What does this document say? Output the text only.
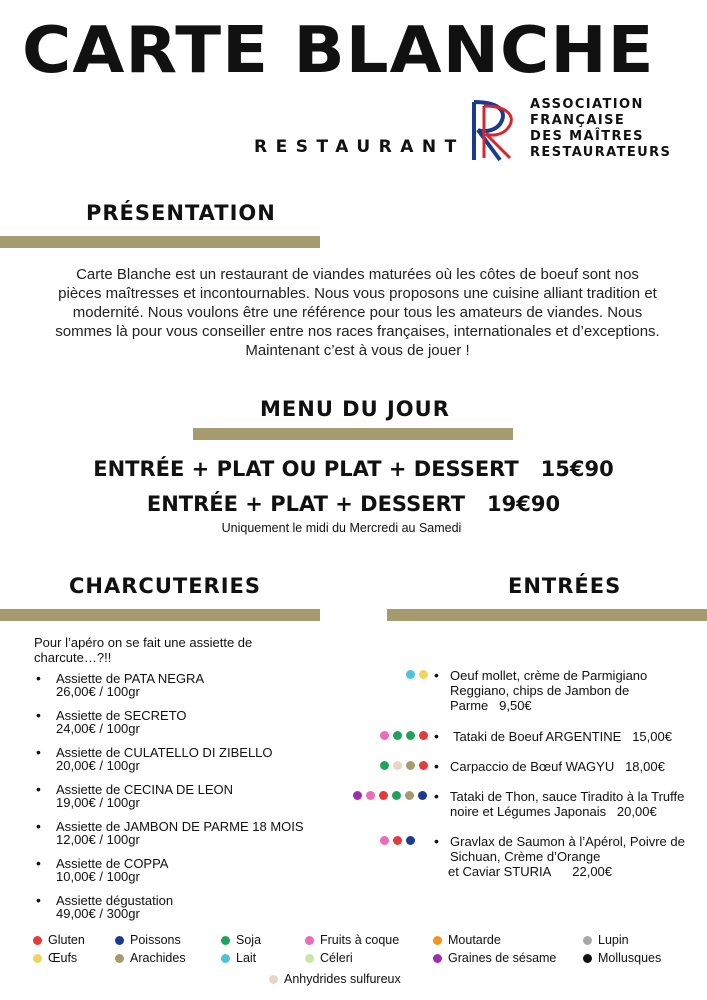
CARTE BLANCHE
RESTAURANT
ASSOCIATION
FRANÇAISE
DES MAÎTRES
RESTAURATEURS
PRÉSENTATION
Carte Blanche est un restaurant de viandes maturées où les côtes de boeuf sont nos
pièces maîtresses et incontournables. Nous vous proposons une cuisine alliant tradition et
modernité. Nous voulons être une référence pour tous les amateurs de viandes. Nous
sommes là pour vous conseiller entre nos races françaises, internationales et d’exceptions.
Maintenant c’est à vous de jouer !
MENU DU JOUR
ENTRÉE + PLAT OU PLAT + DESSERT   15€90
ENTRÉE + PLAT + DESSERT   19€90
Uniquement le midi du Mercredi au Samedi
CHARCUTERIES
Pour l’apéro on se fait une assiette de charcute…?!!
• Assiette de PATA NEGRA
26,00€ / 100gr
• Assiette de SECRETO
24,00€ / 100gr
• Assiette de CULATELLO DI ZIBELLO
20,00€ / 100gr
• Assiette de CECINA DE LEON
19,00€ / 100gr
• Assiette de JAMBON DE PARME 18 MOIS
12,00€ / 100gr
• Assiette de COPPA
10,00€ / 100gr
• Assiette dégustation
49,00€ / 300gr
ENTRÉES
• Oeuf mollet, crème de Parmigiano
Reggiano, chips de Jambon de
Parme   9,50€
• Tataki de Boeuf ARGENTINE   15,00€
• Carpaccio de Bœuf WAGYU   18,00€
• Tataki de Thon, sauce Tiradito à la Truffe
noire et Légumes Japonais   20,00€
• Gravlax de Saumon à l’Apérol, Poivre de
Sichuan, Crème d’Orange
et Caviar STURIA      22,00€
Gluten	Poissons	Soja	Fruits à coque	Moutarde	Lupin
Œufs	Arachides	Lait	Céleri	Graines de sésame	Mollusques
Anhydrides sulfureux
